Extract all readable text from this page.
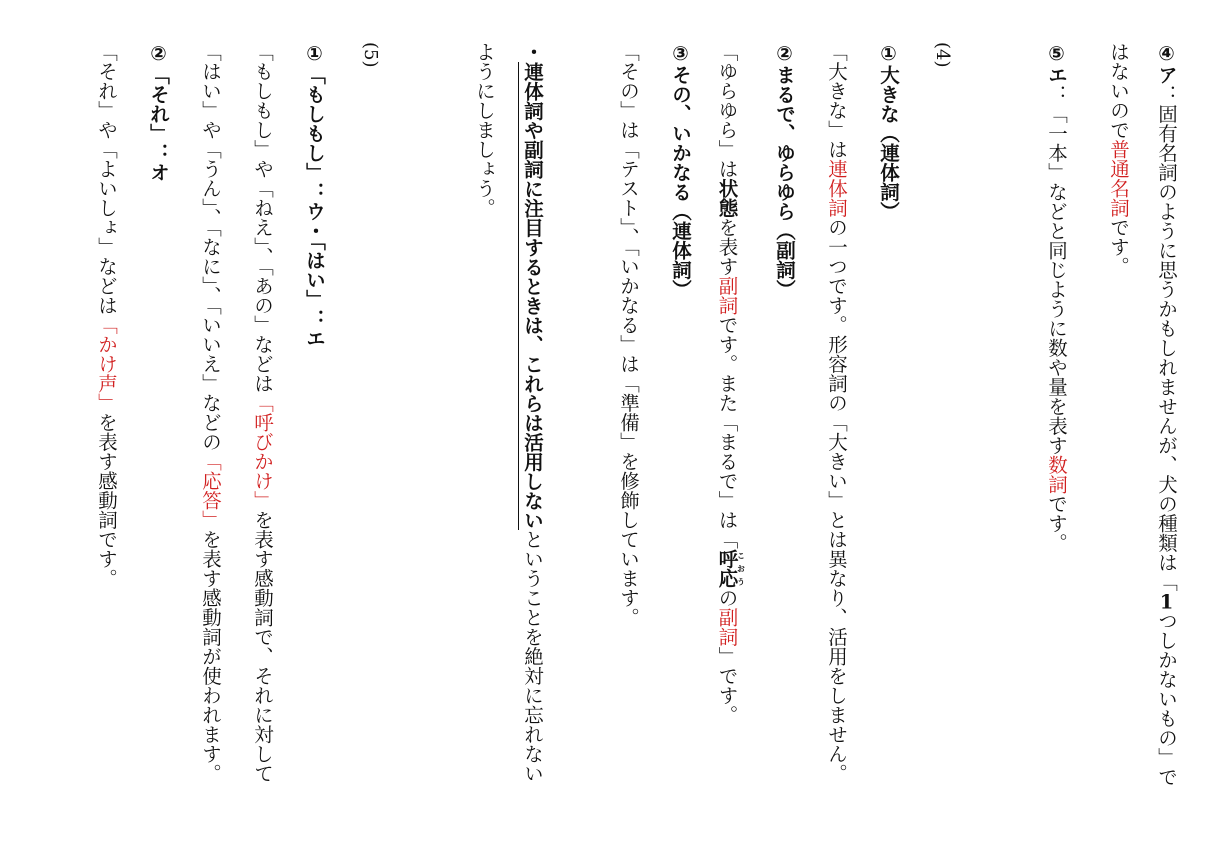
④ア：固有名詞のように思うかもしれませんが、犬の種類は「1つしかないもの」で
はないので普通名詞です。
⑤エ：「一本」などと同じように数や量を表す数詞です。
(4)
①大きな（連体詞）
「大きな」は連体詞の一つです。形容詞の「大きい」とは異なり、活用をしません。
②まるで、ゆらゆら（副詞）
「ゆらゆら」は状態を表す副詞です。また「まるで」は「呼応こおうの副詞」です。
③その、いかなる（連体詞）
「その」は「テスト」、「いかなる」は「準備」を修飾しています。
・連体詞や副詞に注目するときは、これらは活用しないということを絶対に忘れない
ようにしましょう。
(5)
①「もしもし」：ウ・「はい」：エ
「もしもし」や「ねえ」、「あの」などは「呼びかけ」を表す感動詞で、それに対して
「はい」や「うん」、「なに」、「いいえ」などの「応答」を表す感動詞が使われます。
②「それ」：オ
「それ」や「よいしょ」などは「かけ声」を表す感動詞です。
